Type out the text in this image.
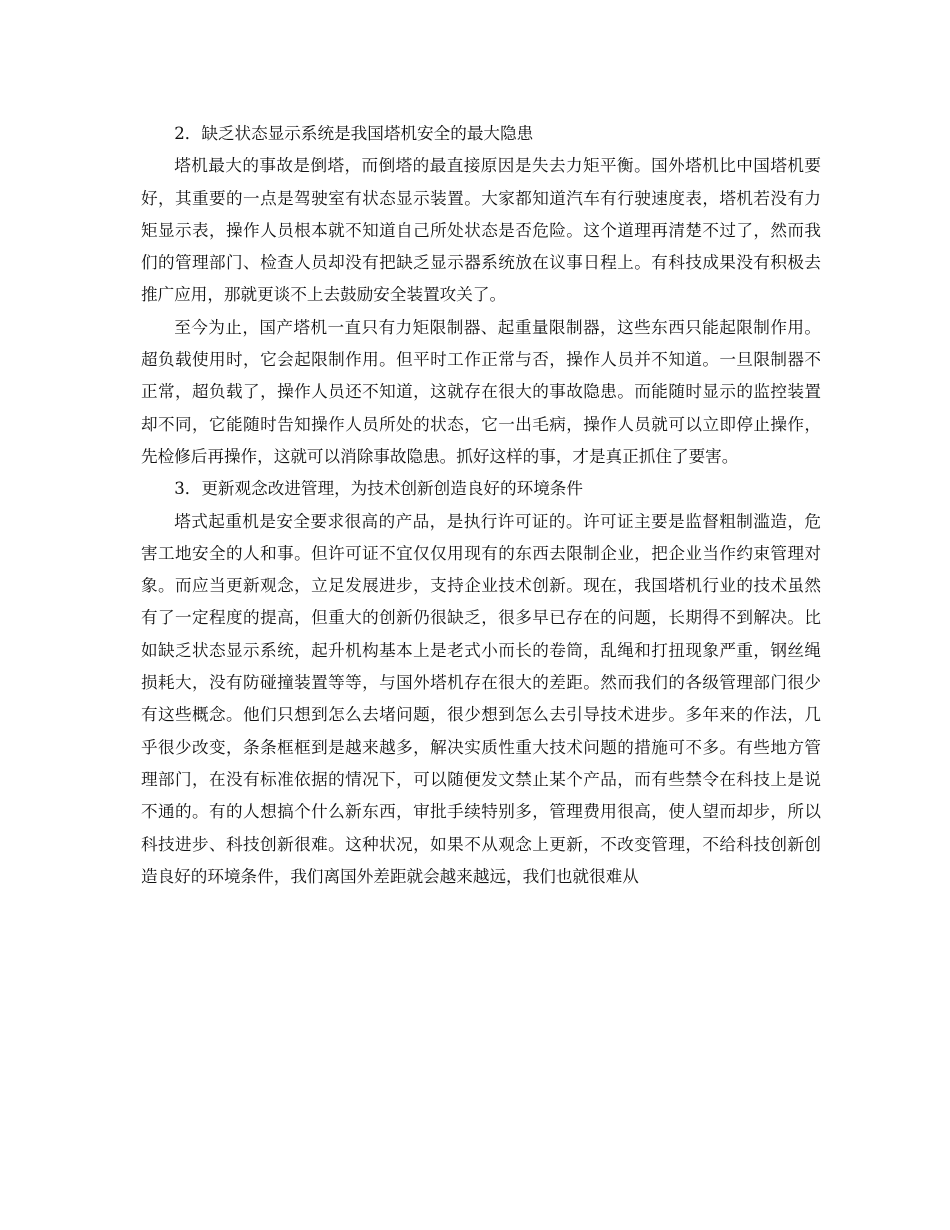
2．缺乏状态显示系统是我国塔机安全的最大隐患

塔机最大的事故是倒塔，而倒塔的最直接原因是失去力矩平衡。国外塔机比中国塔机要好，其重要的一点是驾驶室有状态显示装置。大家都知道汽车有行驶速度表，塔机若没有力矩显示表，操作人员根本就不知道自己所处状态是否危险。这个道理再清楚不过了，然而我们的管理部门、检查人员却没有把缺乏显示器系统放在议事日程上。有科技成果没有积极去推广应用，那就更谈不上去鼓励安全装置攻关了。

至今为止，国产塔机一直只有力矩限制器、起重量限制器，这些东西只能起限制作用。超负载使用时，它会起限制作用。但平时工作正常与否，操作人员并不知道。一旦限制器不正常，超负载了，操作人员还不知道，这就存在很大的事故隐患。而能随时显示的监控装置却不同，它能随时告知操作人员所处的状态，它一出毛病，操作人员就可以立即停止操作，先检修后再操作，这就可以消除事故隐患。抓好这样的事，才是真正抓住了要害。

3．更新观念改进管理，为技术创新创造良好的环境条件

塔式起重机是安全要求很高的产品，是执行许可证的。许可证主要是监督粗制滥造，危害工地安全的人和事。但许可证不宜仅仅用现有的东西去限制企业，把企业当作约束管理对象。而应当更新观念，立足发展进步，支持企业技术创新。现在，我国塔机行业的技术虽然有了一定程度的提高，但重大的创新仍很缺乏，很多早已存在的问题，长期得不到解决。比如缺乏状态显示系统，起升机构基本上是老式小而长的卷筒，乱绳和打扭现象严重，钢丝绳损耗大，没有防碰撞装置等等，与国外塔机存在很大的差距。然而我们的各级管理部门很少有这些概念。他们只想到怎么去堵问题，很少想到怎么去引导技术进步。多年来的作法，几乎很少改变，条条框框到是越来越多，解决实质性重大技术问题的措施可不多。有些地方管理部门，在没有标准依据的情况下，可以随便发文禁止某个产品，而有些禁令在科技上是说不通的。有的人想搞个什么新东西，审批手续特别多，管理费用很高，使人望而却步，所以科技进步、科技创新很难。这种状况，如果不从观念上更新，不改变管理，不给科技创新创造良好的环境条件，我们离国外差距就会越来越远，我们也就很难从
